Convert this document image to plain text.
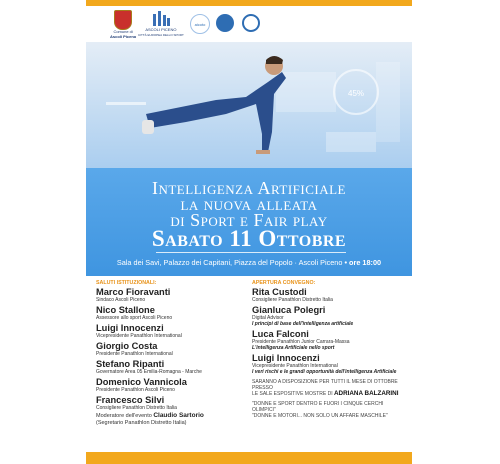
Comune di
Ascoli Piceno
ASCOLI PICENO
CITTÀ EUROPEA DELLO SPORT
aicoto
45%
Intelligenza Artificiale
la nuova alleata
di Sport e Fair play
Sabato 11 Ottobre
Sala dei Savi, Palazzo dei Capitani, Piazza del Popolo · Ascoli Piceno • ore 18:00
SALUTI ISTITUZIONALI:
Marco Fioravanti
Sindaco Ascoli Piceno
Nico Stallone
Assessore allo sport Ascoli Piceno
Luigi Innocenzi
Vicepresidente Panathlon International
Giorgio Costa
Presidente Panathlon International
Stefano Ripanti
Governatore Area 05 Emilia-Romagna - Marche
Domenico Vannicola
Presidente Panathlon Ascoli Piceno
Francesco Silvi
Consigliere Panathlon Distretto Italia
Moderatore dell'evento Claudio Sartorio
(Segretario Panathlon Distretto Italia)
APERTURA CONVEGNO:
Rita Custodi
Consigliere Panathlon Distretto Italia
Gianluca Polegri
Digital Advisor
I principi di base dell'intelligenza artificiale
Luca Falconi
Presidente Panathlon Junior Carrara-Massa
L'intelligenza Artificiale nello sport
Luigi Innocenzi
Vicepresidente Panathlon International
I veri rischi e le grandi opportunità dell'intelligenza Artificiale
SARANNO A DISPOSIZIONE PER TUTTI IL MESE DI OTTOBRE PRESSO
LE SALE ESPOSITIVE MOSTRE DI ADRIANA BALZARINI
"DONNE E SPORT DENTRO E FUORI I CINQUE CERCHI OLIMPICI"
"DONNE E MOTORI... NON SOLO UN AFFARE MASCHILE"
